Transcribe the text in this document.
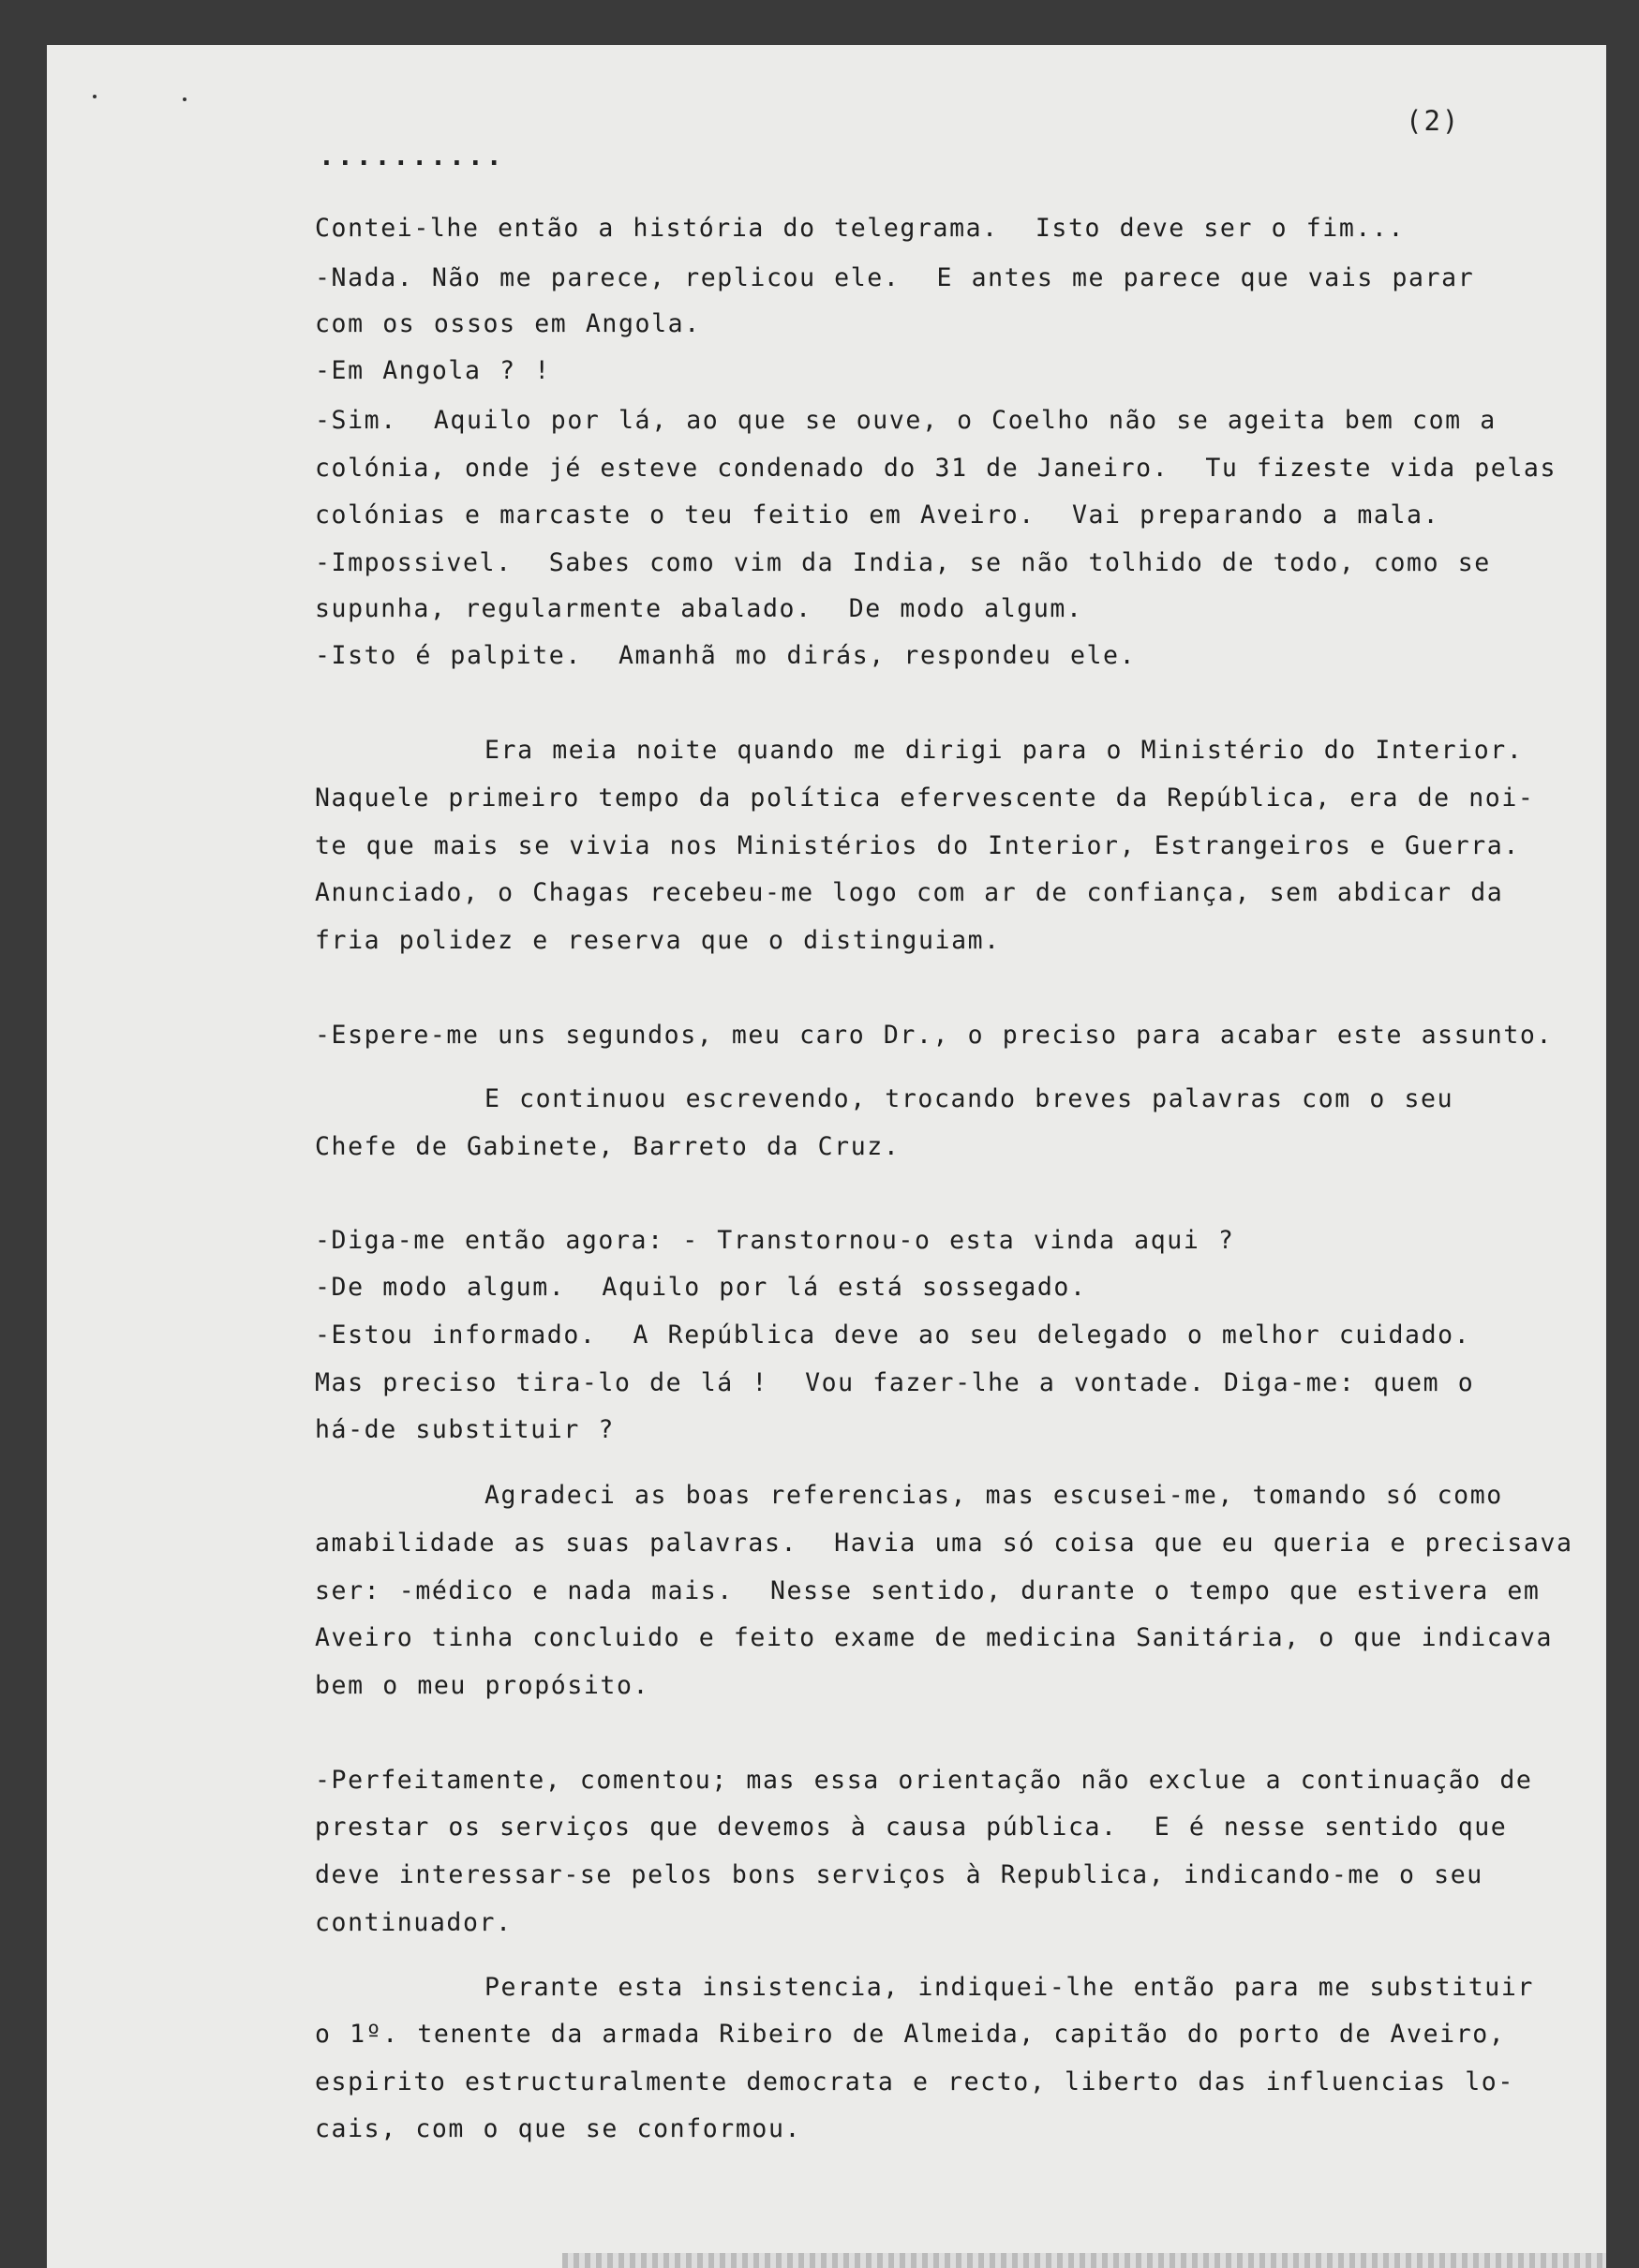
(2)
..........
Contei-lhe então a história do telegrama.  Isto deve ser o fim...
-Nada. Não me parece, replicou ele.  E antes me parece que vais parar
com os ossos em Angola.
-Em Angola ? !
-Sim.  Aquilo por lá, ao que se ouve, o Coelho não se ageita bem com a
colónia, onde jé esteve condenado do 31 de Janeiro.  Tu fizeste vida pelas
colónias e marcaste o teu feitio em Aveiro.  Vai preparando a mala.
-Impossivel.  Sabes como vim da India, se não tolhido de todo, como se
supunha, regularmente abalado.  De modo algum.
-Isto é palpite.  Amanhã mo dirás, respondeu ele.
Era meia noite quando me dirigi para o Ministério do Interior.
Naquele primeiro tempo da política efervescente da República, era de noi-
te que mais se vivia nos Ministérios do Interior, Estrangeiros e Guerra.
Anunciado, o Chagas recebeu-me logo com ar de confiança, sem abdicar da
fria polidez e reserva que o distinguiam.
-Espere-me uns segundos, meu caro Dr., o preciso para acabar este assunto.
E continuou escrevendo, trocando breves palavras com o seu
Chefe de Gabinete, Barreto da Cruz.
-Diga-me então agora: - Transtornou-o esta vinda aqui ?
-De modo algum.  Aquilo por lá está sossegado.
-Estou informado.  A República deve ao seu delegado o melhor cuidado.
Mas preciso tira-lo de lá !  Vou fazer-lhe a vontade. Diga-me: quem o
há-de substituir ?
Agradeci as boas referencias, mas escusei-me, tomando só como
amabilidade as suas palavras.  Havia uma só coisa que eu queria e precisava
ser: -médico e nada mais.  Nesse sentido, durante o tempo que estivera em
Aveiro tinha concluido e feito exame de medicina Sanitária, o que indicava
bem o meu propósito.
-Perfeitamente, comentou; mas essa orientação não exclue a continuação de
prestar os serviços que devemos à causa pública.  E é nesse sentido que
deve interessar-se pelos bons serviços à Republica, indicando-me o seu
continuador.
Perante esta insistencia, indiquei-lhe então para me substituir
o 1º. tenente da armada Ribeiro de Almeida, capitão do porto de Aveiro,
espirito estructuralmente democrata e recto, liberto das influencias lo-
cais, com o que se conformou.
